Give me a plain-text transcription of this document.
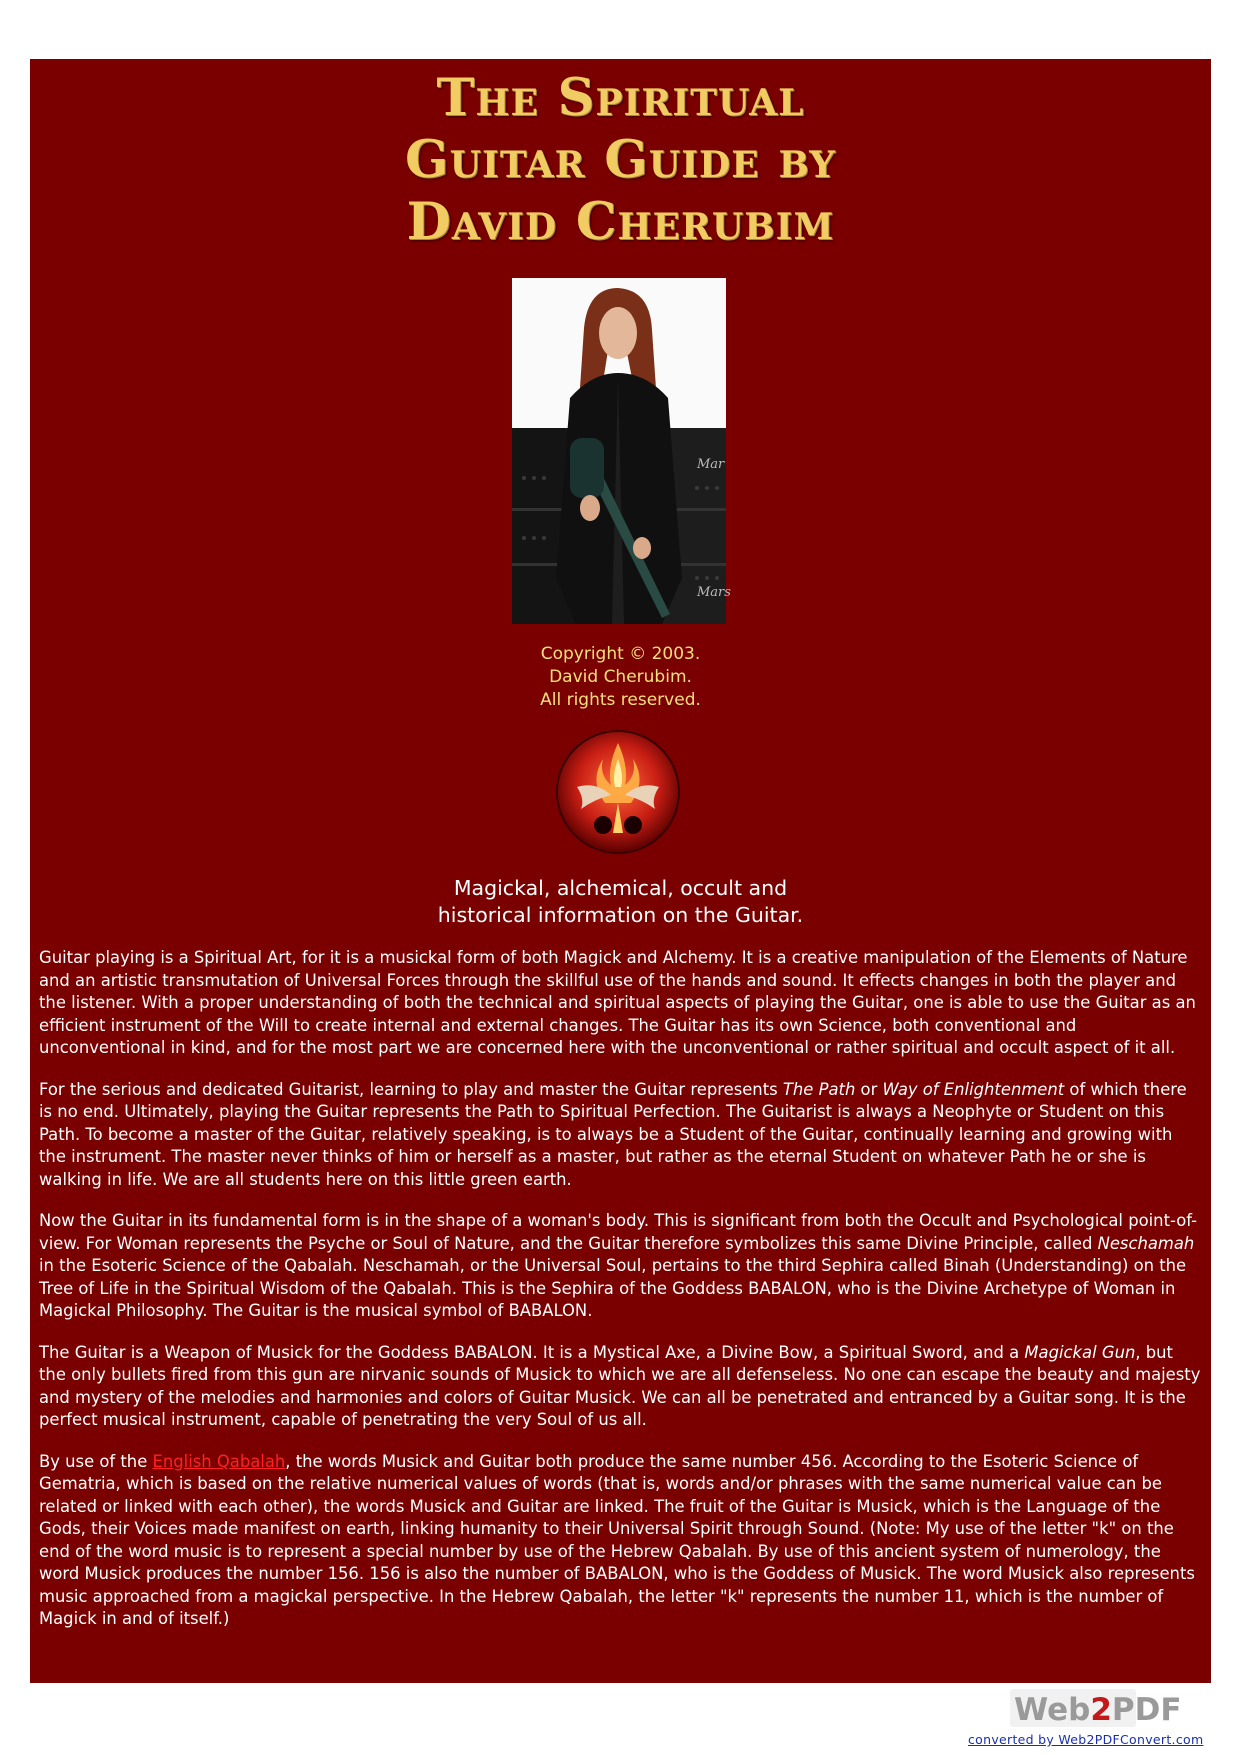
The Spiritual
Guitar Guide by
David Cherubim
Mar
Mars
Copyright © 2003.
David Cherubim.
All rights reserved.
Magickal, alchemical, occult and
historical information on the Guitar.

Guitar playing is a Spiritual Art, for it is a musickal form of both Magick and Alchemy. It is a creative manipulation of the Elements of Nature and an artistic transmutation of Universal Forces through the skillful use of the hands and sound. It effects changes in both the player and the listener. With a proper understanding of both the technical and spiritual aspects of playing the Guitar, one is able to use the Guitar as an efficient instrument of the Will to create internal and external changes. The Guitar has its own Science, both conventional and unconventional in kind, and for the most part we are concerned here with the unconventional or rather spiritual and occult aspect of it all.

For the serious and dedicated Guitarist, learning to play and master the Guitar represents The Path or Way of Enlightenment of which there is no end. Ultimately, playing the Guitar represents the Path to Spiritual Perfection. The Guitarist is always a Neophyte or Student on this Path. To become a master of the Guitar, relatively speaking, is to always be a Student of the Guitar, continually learning and growing with the instrument. The master never thinks of him or herself as a master, but rather as the eternal Student on whatever Path he or she is walking in life. We are all students here on this little green earth.

Now the Guitar in its fundamental form is in the shape of a woman's body. This is significant from both the Occult and Psychological point-of-view. For Woman represents the Psyche or Soul of Nature, and the Guitar therefore symbolizes this same Divine Principle, called Neschamah in the Esoteric Science of the Qabalah. Neschamah, or the Universal Soul, pertains to the third Sephira called Binah (Understanding) on the Tree of Life in the Spiritual Wisdom of the Qabalah. This is the Sephira of the Goddess BABALON, who is the Divine Archetype of Woman in Magickal Philosophy. The Guitar is the musical symbol of BABALON.

The Guitar is a Weapon of Musick for the Goddess BABALON. It is a Mystical Axe, a Divine Bow, a Spiritual Sword, and a Magickal Gun, but the only bullets fired from this gun are nirvanic sounds of Musick to which we are all defenseless. No one can escape the beauty and majesty and mystery of the melodies and harmonies and colors of Guitar Musick. We can all be penetrated and entranced by a Guitar song. It is the perfect musical instrument, capable of penetrating the very Soul of us all.

By use of the English Qabalah, the words Musick and Guitar both produce the same number 456. According to the Esoteric Science of Gematria, which is based on the relative numerical values of words (that is, words and/or phrases with the same numerical value can be related or linked with each other), the words Musick and Guitar are linked. The fruit of the Guitar is Musick, which is the Language of the Gods, their Voices made manifest on earth, linking humanity to their Universal Spirit through Sound. (Note: My use of the letter "k" on the end of the word music is to represent a special number by use of the Hebrew Qabalah. By use of this ancient system of numerology, the word Musick produces the number 156. 156 is also the number of BABALON, who is the Goddess of Musick. The word Musick also represents music approached from a magickal perspective. In the Hebrew Qabalah, the letter "k" represents the number 11, which is the number of Magick in and of itself.)

Web2PDF
converted by Web2PDFConvert.com
